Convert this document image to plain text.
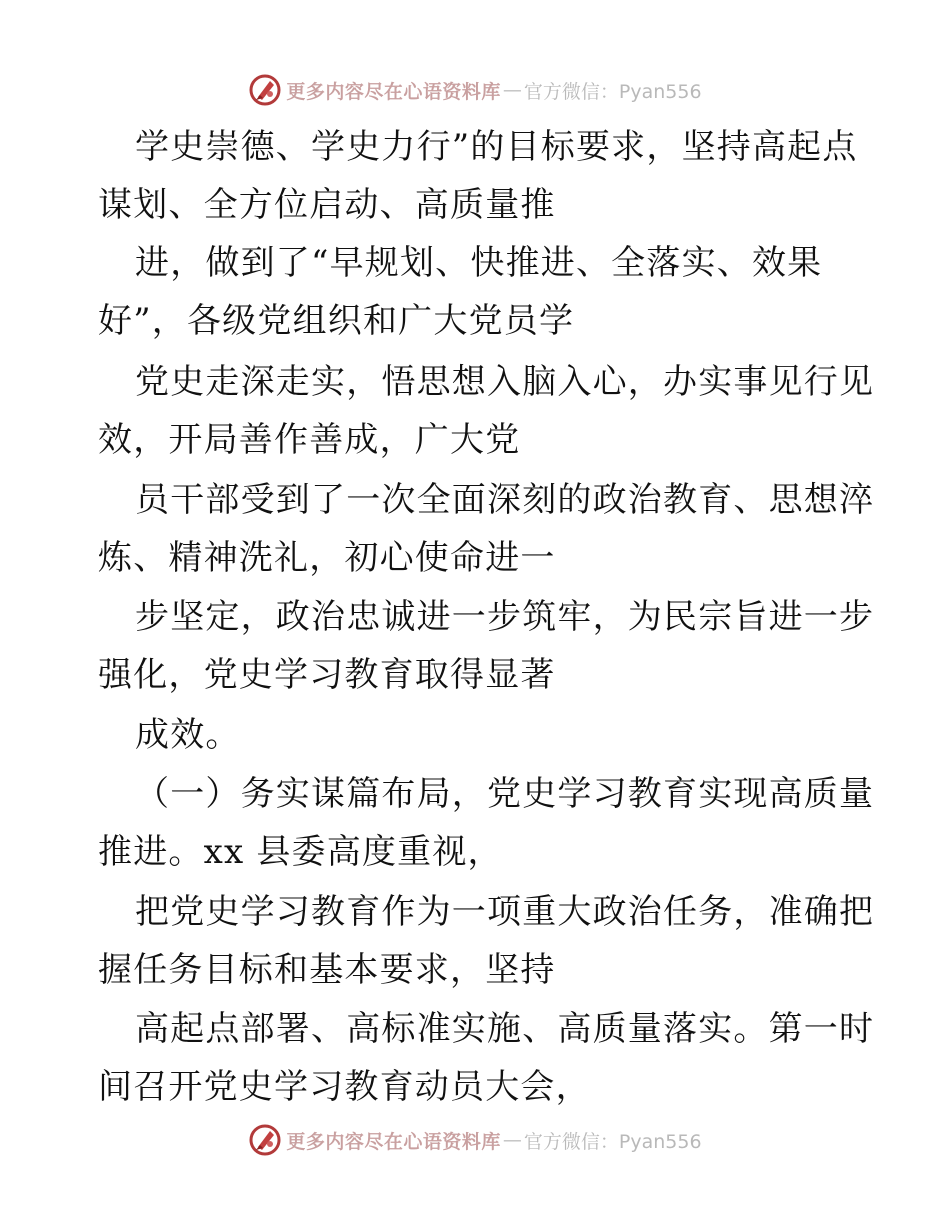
更多内容尽在心语资料库 — 官方微信：Pyan556
学史崇德、学史力行”的目标要求，坚持高起点
谋划、全方位启动、高质量推
进，做到了“早规划、快推进、全落实、效果
好”，各级党组织和广大党员学
党史走深走实，悟思想入脑入心，办实事见行见
效，开局善作善成，广大党
员干部受到了一次全面深刻的政治教育、思想淬
炼、精神洗礼，初心使命进一
步坚定，政治忠诚进一步筑牢，为民宗旨进一步
强化，党史学习教育取得显著
成效。
（一）务实谋篇布局，党史学习教育实现高质量
推进。xx 县委高度重视，
把党史学习教育作为一项重大政治任务，准确把
握任务目标和基本要求，坚持
高起点部署、高标准实施、高质量落实。第一时
间召开党史学习教育动员大会，
更多内容尽在心语资料库 — 官方微信：Pyan556
